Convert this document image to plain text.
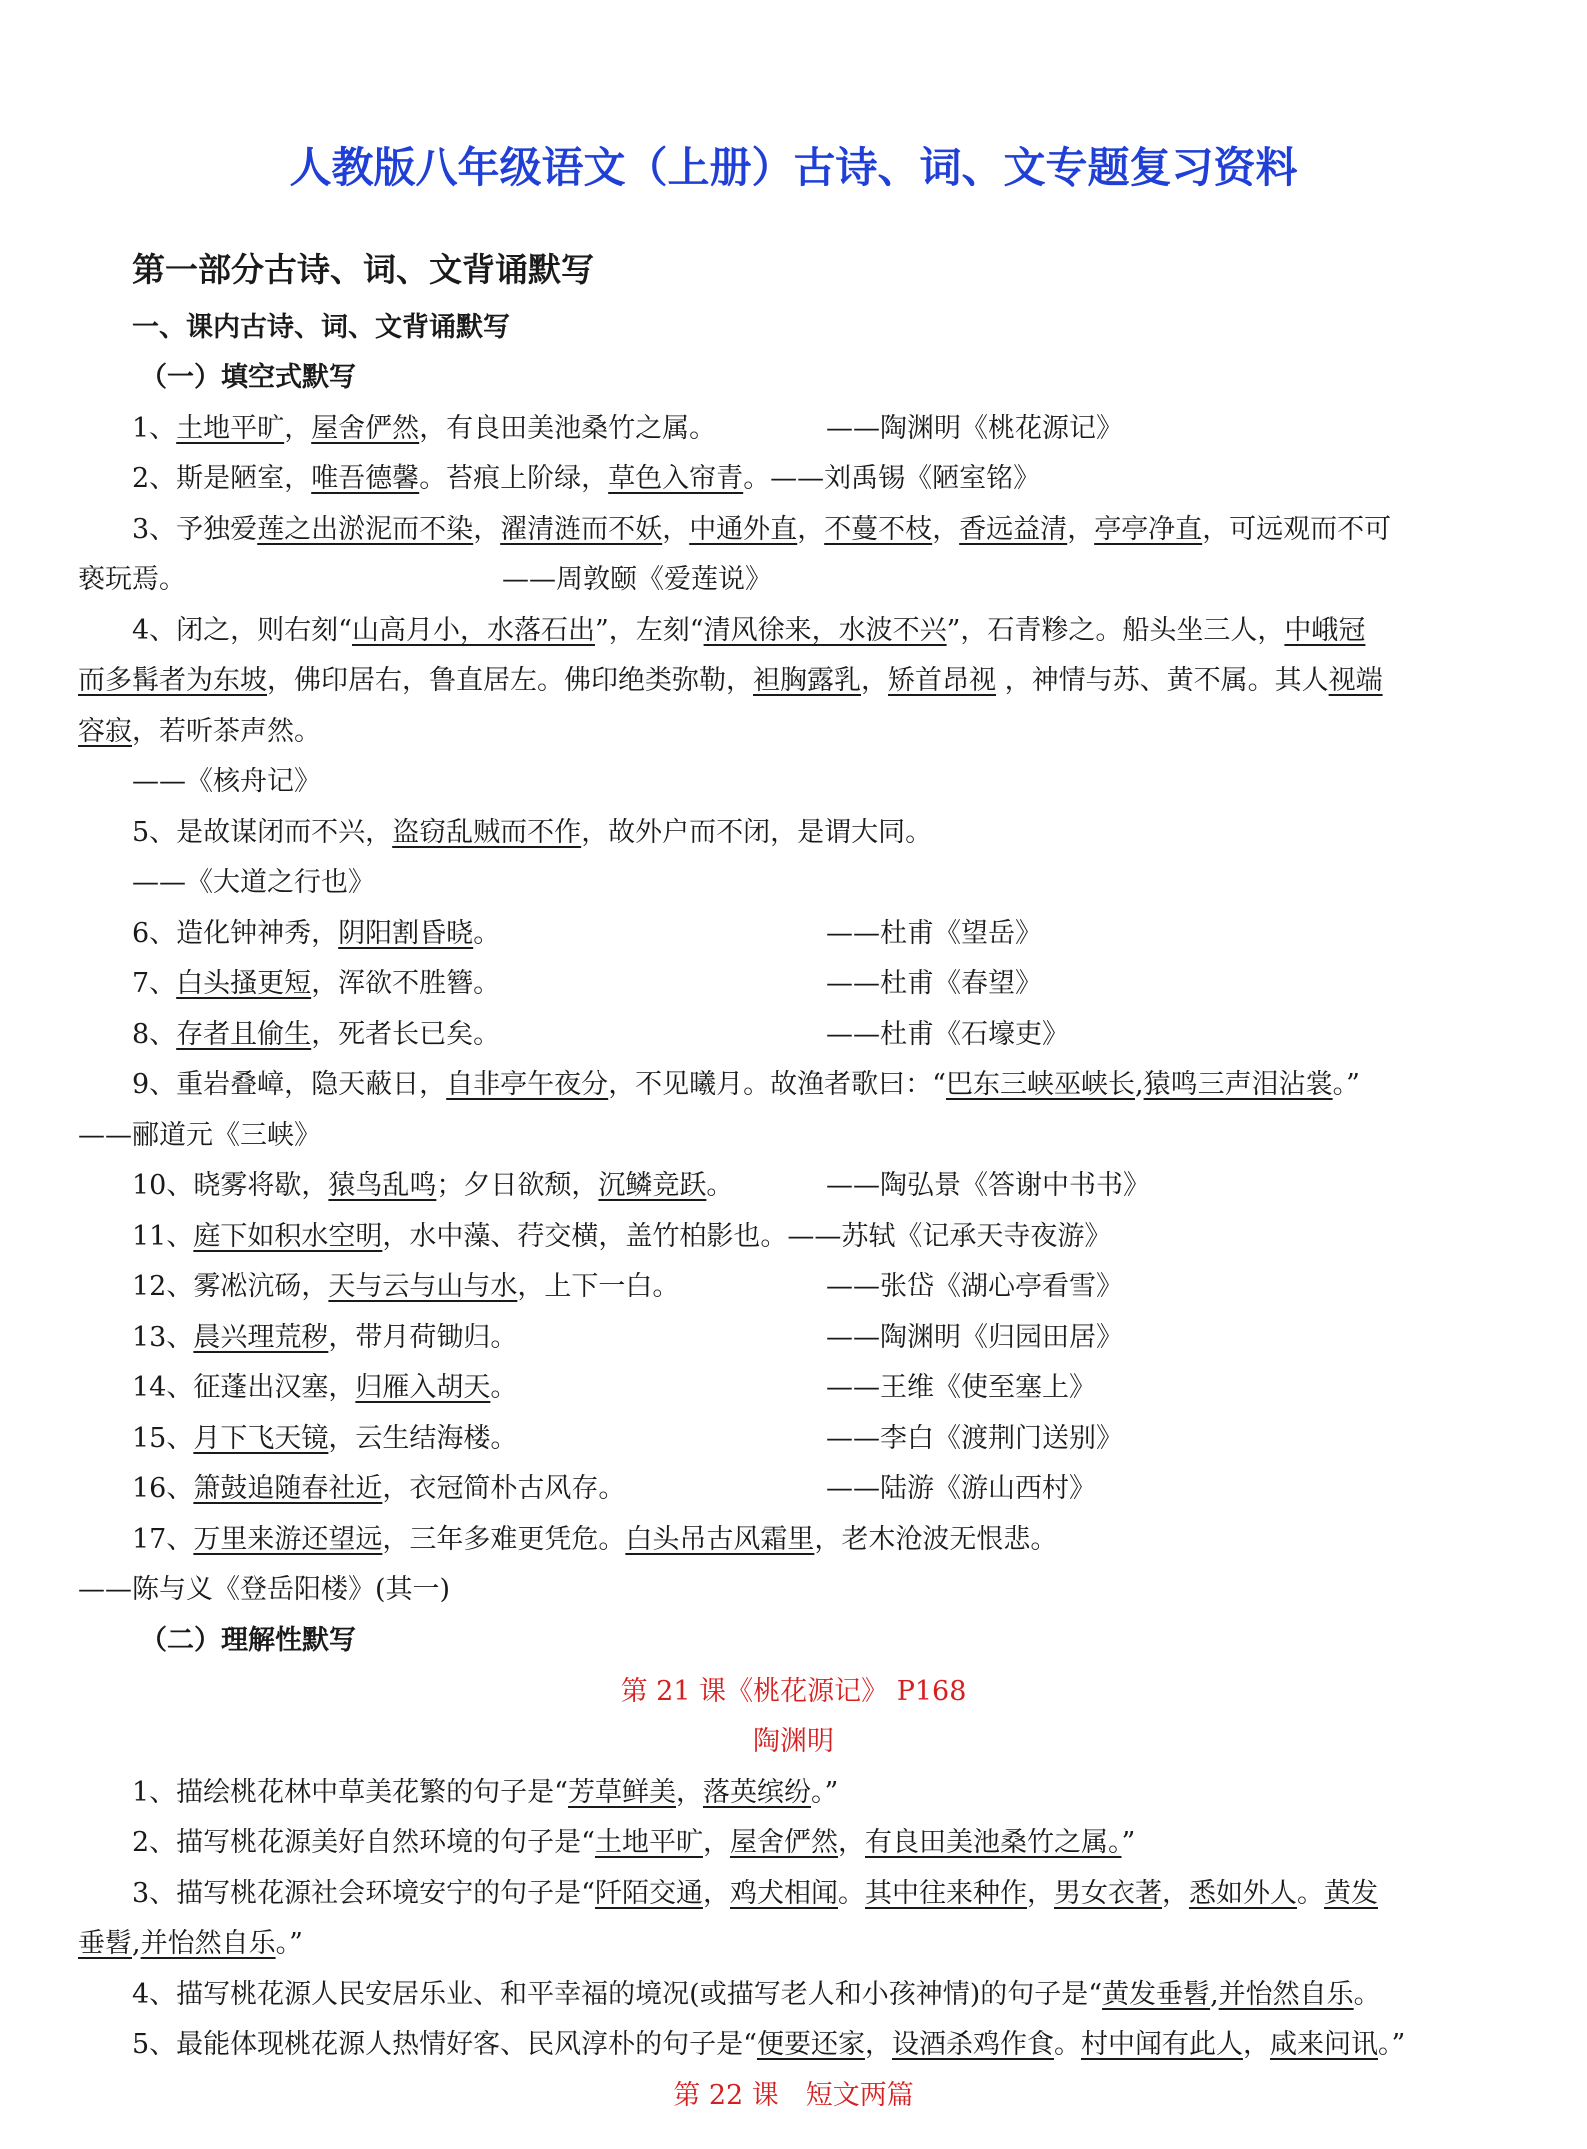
人教版八年级语文（上册）古诗、词、文专题复习资料
第一部分古诗、词、文背诵默写
一、课内古诗、词、文背诵默写
（一）填空式默写
1、土地平旷，屋舍俨然，有良田美池桑竹之属。	——陶渊明《桃花源记》
2、斯是陋室，唯吾德馨。苔痕上阶绿，草色入帘青。——刘禹锡《陋室铭》
3、予独爱莲之出淤泥而不染，濯清涟而不妖，中通外直，不蔓不枝，香远益清，亭亭净直，可远观而不可
亵玩焉。	——周敦颐《爱莲说》
4、闭之，则右刻“山高月小，水落石出”，左刻“清风徐来，水波不兴”，石青糁之。船头坐三人，中峨冠
而多髯者为东坡，佛印居右，鲁直居左。佛印绝类弥勒，袒胸露乳，矫首昂视 ，神情与苏、黄不属。其人视端
容寂，若听茶声然。
——《核舟记》
5、是故谋闭而不兴，盗窃乱贼而不作，故外户而不闭，是谓大同。
——《大道之行也》
6、造化钟神秀，阴阳割昏晓。	——杜甫《望岳》
7、白头搔更短，浑欲不胜簪。	——杜甫《春望》
8、存者且偷生，死者长已矣。	——杜甫《石壕吏》
9、重岩叠嶂，隐天蔽日，自非亭午夜分，不见曦月。故渔者歌曰：“巴东三峡巫峡长,猿鸣三声泪沾裳。”
——郦道元《三峡》
10、晓雾将歇，猿鸟乱鸣；夕日欲颓，沉鳞竞跃。	——陶弘景《答谢中书书》
11、庭下如积水空明，水中藻、荇交横，盖竹柏影也。——苏轼《记承天寺夜游》
12、雾凇沆砀，天与云与山与水，上下一白。	——张岱《湖心亭看雪》
13、晨兴理荒秽，带月荷锄归。	——陶渊明《归园田居》
14、征蓬出汉塞，归雁入胡天。	——王维《使至塞上》
15、月下飞天镜，云生结海楼。	——李白《渡荆门送别》
16、箫鼓追随春社近，衣冠简朴古风存。	——陆游《游山西村》
17、万里来游还望远，三年多难更凭危。白头吊古风霜里，老木沧波无恨悲。
——陈与义《登岳阳楼》(其一)
（二）理解性默写
第 21 课《桃花源记》 P168
陶渊明
1、描绘桃花林中草美花繁的句子是“芳草鲜美，落英缤纷。”
2、描写桃花源美好自然环境的句子是“土地平旷，屋舍俨然，有良田美池桑竹之属。”
3、描写桃花源社会环境安宁的句子是“阡陌交通，鸡犬相闻。其中往来种作，男女衣著，悉如外人。黄发
垂髫,并怡然自乐。”
4、描写桃花源人民安居乐业、和平幸福的境况(或描写老人和小孩神情)的句子是“黄发垂髫,并怡然自乐。
5、最能体现桃花源人热情好客、民风淳朴的句子是“便要还家，设酒杀鸡作食。村中闻有此人，咸来问讯。”
第 22 课　短文两篇
